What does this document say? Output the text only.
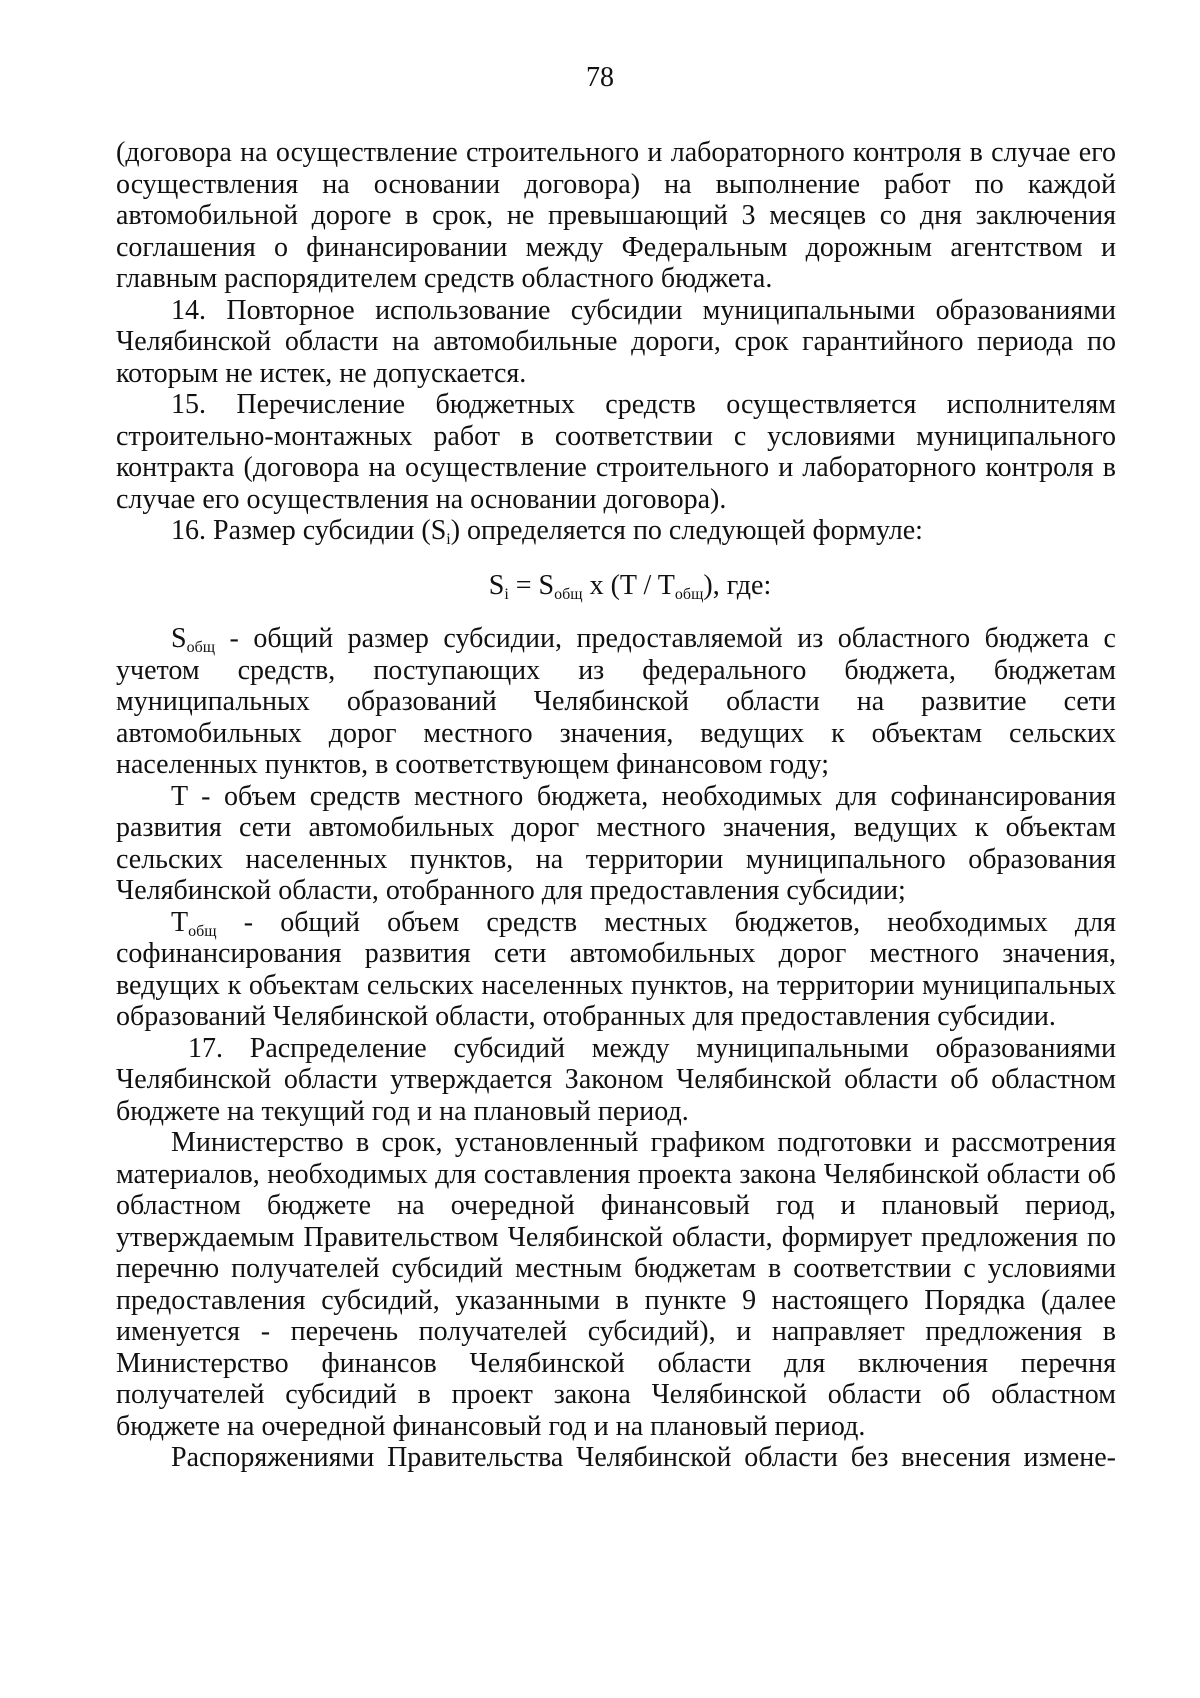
78

(договора на осуществление строительного и лабораторного контроля в случае его осуществления на основании договора) на выполнение работ по каждой автомобильной дороге в срок, не превышающий 3 месяцев со дня заключения соглашения о финансировании между Федеральным дорожным агентством и главным распорядителем средств областного бюджета.

14. Повторное использование субсидии муниципальными образованиями Челябинской области на автомобильные дороги, срок гарантийного периода по которым не истек, не допускается.

15. Перечисление бюджетных средств осуществляется исполнителям строительно-монтажных работ в соответствии с условиями муниципального контракта (договора на осуществление строительного и лабораторного контроля в случае его осуществления на основании договора).

16. Размер субсидии $(S_i)$ определяется по следующей формуле:

$S_i = S_{общ}$ x $(T / T_{общ})$, где:

$S_{общ}$ - общий размер субсидии, предоставляемой из областного бюджета с учетом средств, поступающих из федерального бюджета, бюджетам муниципальных образований Челябинской области на развитие сети автомобильных дорог местного значения, ведущих к объектам сельских населенных пунктов, в соответствующем финансовом году;

T - объем средств местного бюджета, необходимых для софинансирования развития сети автомобильных дорог местного значения, ведущих к объектам сельских населенных пунктов, на территории муниципального образования Челябинской области, отобранного для предоставления субсидии;

$T_{общ}$ - общий объем средств местных бюджетов, необходимых для софинансирования развития сети автомобильных дорог местного значения, ведущих к объектам сельских населенных пунктов, на территории муниципальных образований Челябинской области, отобранных для предоставления субсидии.

17. Распределение субсидий между муниципальными образованиями Челябинской области утверждается Законом Челябинской области об областном бюджете на текущий год и на плановый период.

Министерство в срок, установленный графиком подготовки и рассмотрения материалов, необходимых для составления проекта закона Челябинской области об областном бюджете на очередной финансовый год и плановый период, утверждаемым Правительством Челябинской области, формирует предложения по перечню получателей субсидий местным бюджетам в соответствии с условиями предоставления субсидий, указанными в пункте 9 настоящего Порядка (далее именуется - перечень получателей субсидий), и направляет предложения в Министерство финансов Челябинской области для включения перечня получателей субсидий в проект закона Челябинской области об областном бюджете на очередной финансовый год и на плановый период.

Распоряжениями Правительства Челябинской области без внесения измене-
